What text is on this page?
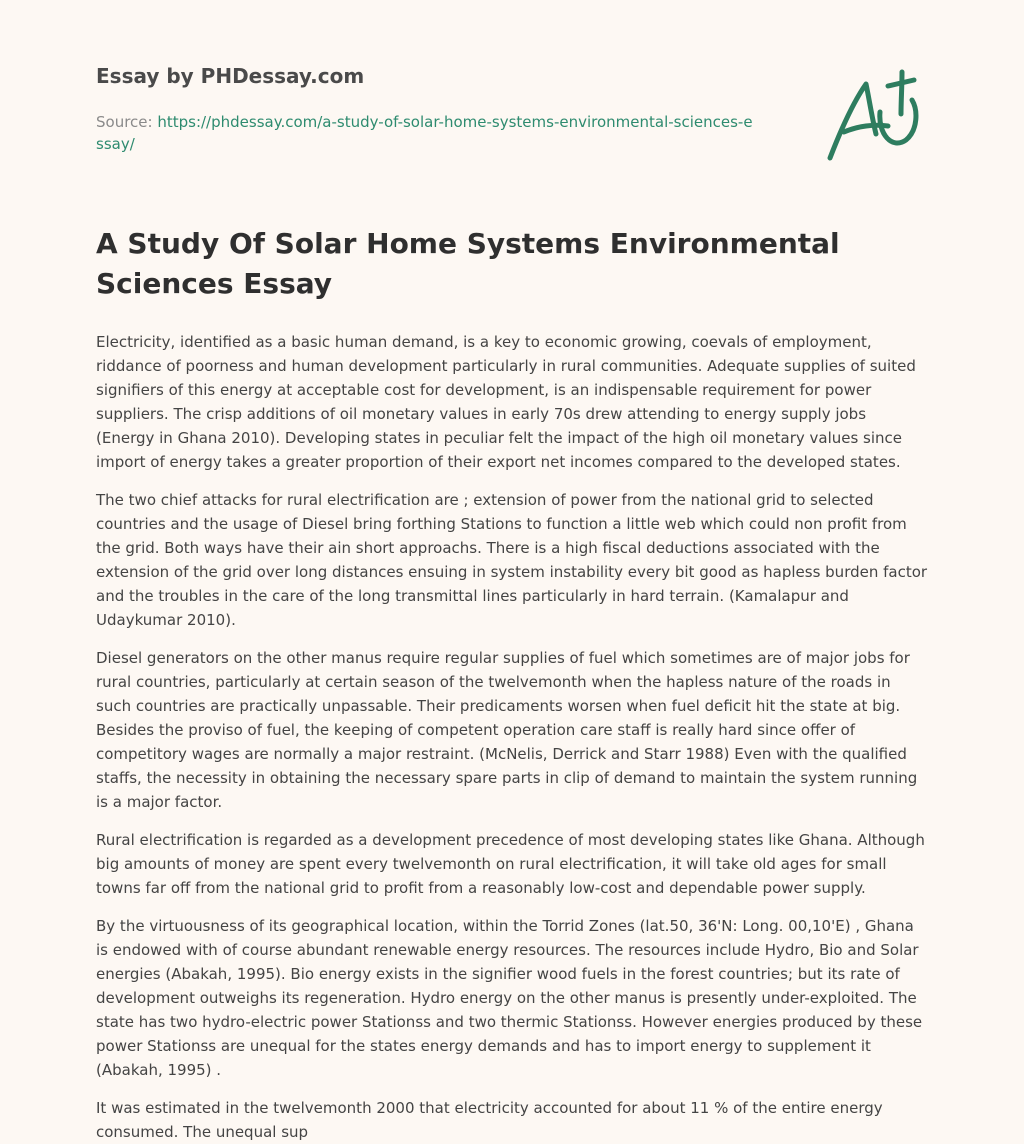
Essay by PHDessay.com
Source: https://phdessay.com/a-study-of-solar-home-systems-environmental-sciences-essay/
A Study Of Solar Home Systems Environmental Sciences Essay

Electricity, identified as a basic human demand, is a key to economic growing, coevals of employment, riddance of poorness and human development particularly in rural communities. Adequate supplies of suited signifiers of this energy at acceptable cost for development, is an indispensable requirement for power suppliers. The crisp additions of oil monetary values in early 70s drew attending to energy supply jobs (Energy in Ghana 2010). Developing states in peculiar felt the impact of the high oil monetary values since import of energy takes a greater proportion of their export net incomes compared to the developed states.

The two chief attacks for rural electrification are ; extension of power from the national grid to selected countries and the usage of Diesel bring forthing Stations to function a little web which could non profit from the grid. Both ways have their ain short approachs. There is a high fiscal deductions associated with the extension of the grid over long distances ensuing in system instability every bit good as hapless burden factor and the troubles in the care of the long transmittal lines particularly in hard terrain. (Kamalapur and Udaykumar 2010).

Diesel generators on the other manus require regular supplies of fuel which sometimes are of major jobs for rural countries, particularly at certain season of the twelvemonth when the hapless nature of the roads in such countries are practically unpassable. Their predicaments worsen when fuel deficit hit the state at big. Besides the proviso of fuel, the keeping of competent operation care staff is really hard since offer of competitory wages are normally a major restraint. (McNelis, Derrick and Starr 1988) Even with the qualified staffs, the necessity in obtaining the necessary spare parts in clip of demand to maintain the system running is a major factor.

Rural electrification is regarded as a development precedence of most developing states like Ghana. Although big amounts of money are spent every twelvemonth on rural electrification, it will take old ages for small towns far off from the national grid to profit from a reasonably low-cost and dependable power supply.

By the virtuousness of its geographical location, within the Torrid Zones (lat.50, 36'N: Long. 00,10'E) , Ghana is endowed with of course abundant renewable energy resources. The resources include Hydro, Bio and Solar energies (Abakah, 1995). Bio energy exists in the signifier wood fuels in the forest countries; but its rate of development outweighs its regeneration. Hydro energy on the other manus is presently under-exploited. The state has two hydro-electric power Stationss and two thermic Stationss. However energies produced by these power Stationss are unequal for the states energy demands and has to import energy to supplement it (Abakah, 1995) .

It was estimated in the twelvemonth 2000 that electricity accounted for about 11 % of the entire energy consumed. The unequal sup
